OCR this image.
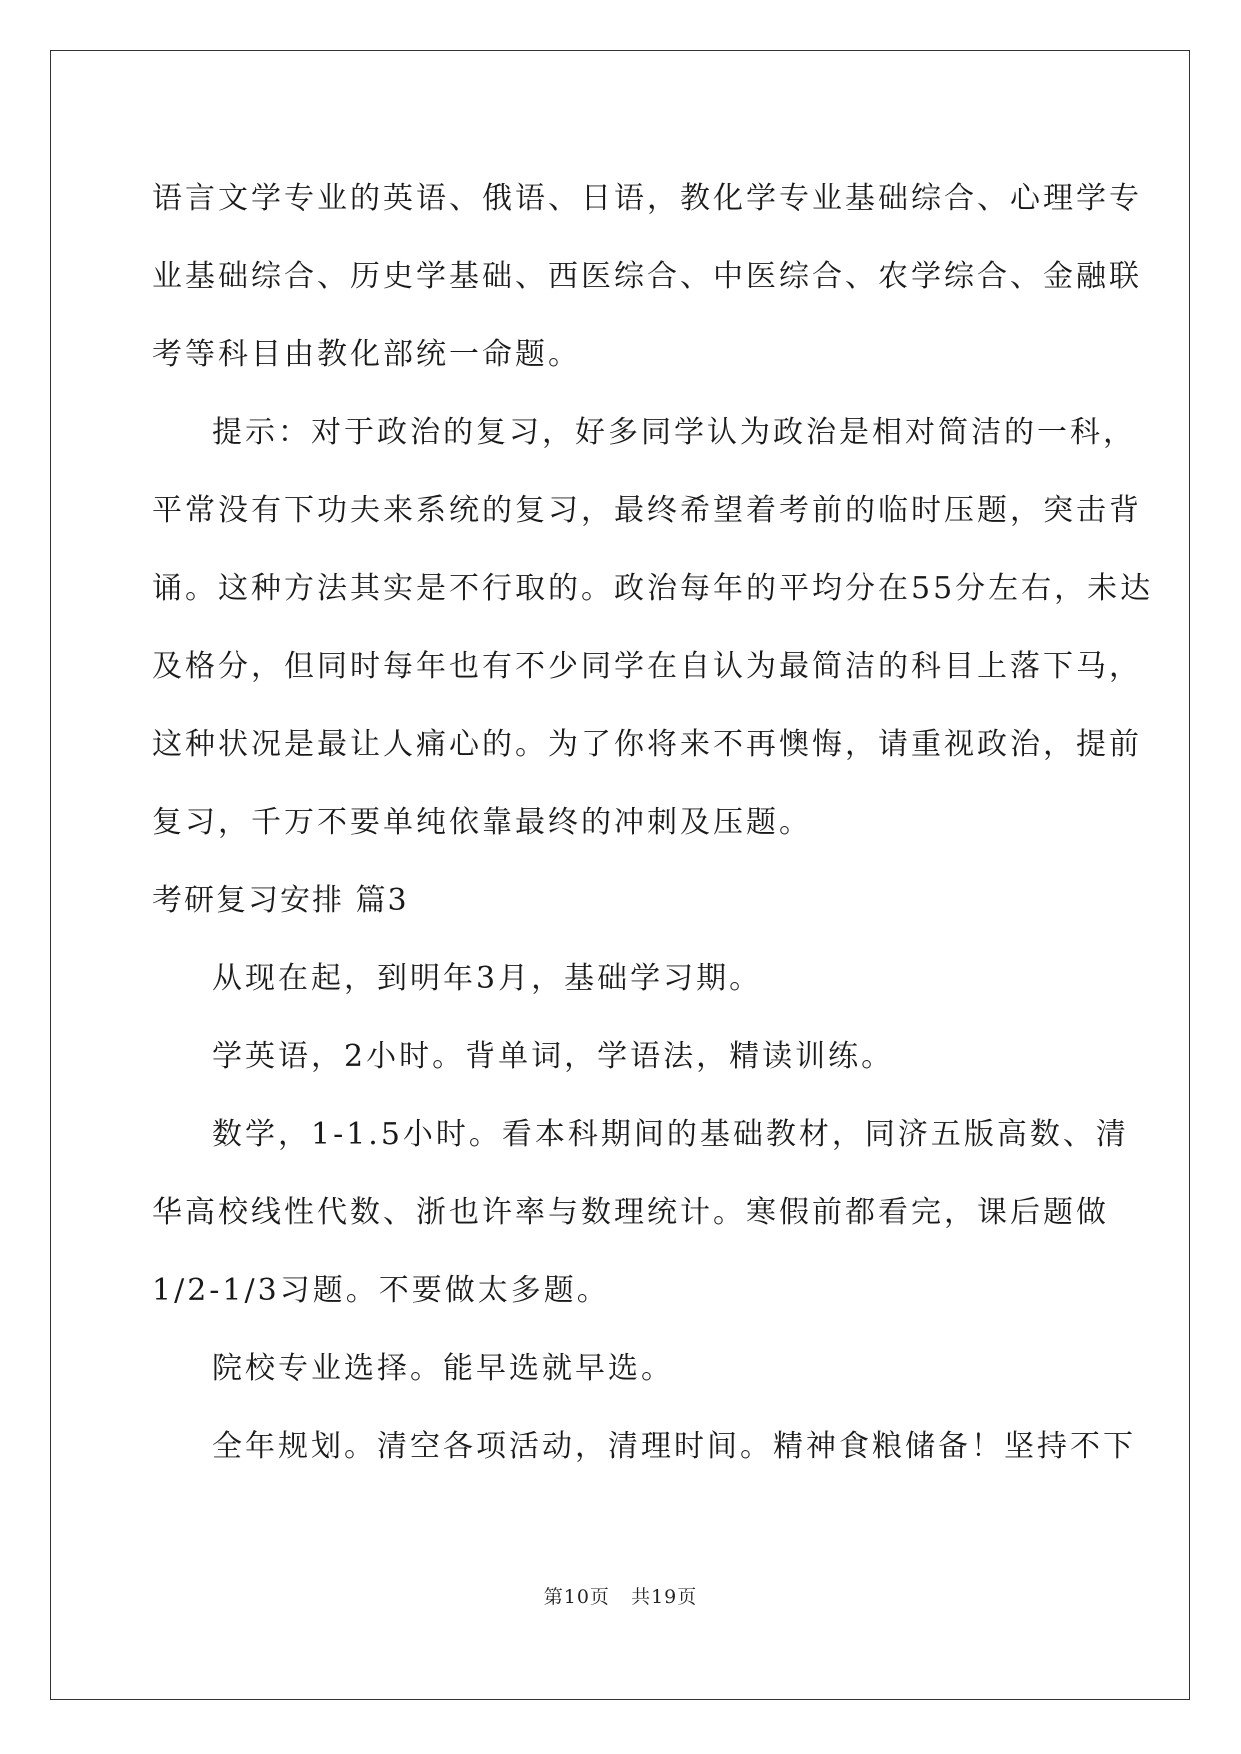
语言文学专业的英语、俄语、日语，教化学专业基础综合、心理学专
业基础综合、历史学基础、西医综合、中医综合、农学综合、金融联
考等科目由教化部统一命题。
提示：对于政治的复习，好多同学认为政治是相对简洁的一科，
平常没有下功夫来系统的复习，最终希望着考前的临时压题，突击背
诵。这种方法其实是不行取的。政治每年的平均分在55分左右，未达
及格分，但同时每年也有不少同学在自认为最简洁的科目上落下马，
这种状况是最让人痛心的。为了你将来不再懊悔，请重视政治，提前
复习，千万不要单纯依靠最终的冲刺及压题。
考研复习安排 篇3
从现在起，到明年3月，基础学习期。
学英语，2小时。背单词，学语法，精读训练。
数学，1-1.5小时。看本科期间的基础教材，同济五版高数、清
华高校线性代数、浙也许率与数理统计。寒假前都看完，课后题做
1/2-1/3习题。不要做太多题。
院校专业选择。能早选就早选。
全年规划。清空各项活动，清理时间。精神食粮储备！坚持不下
第10页 共19页
